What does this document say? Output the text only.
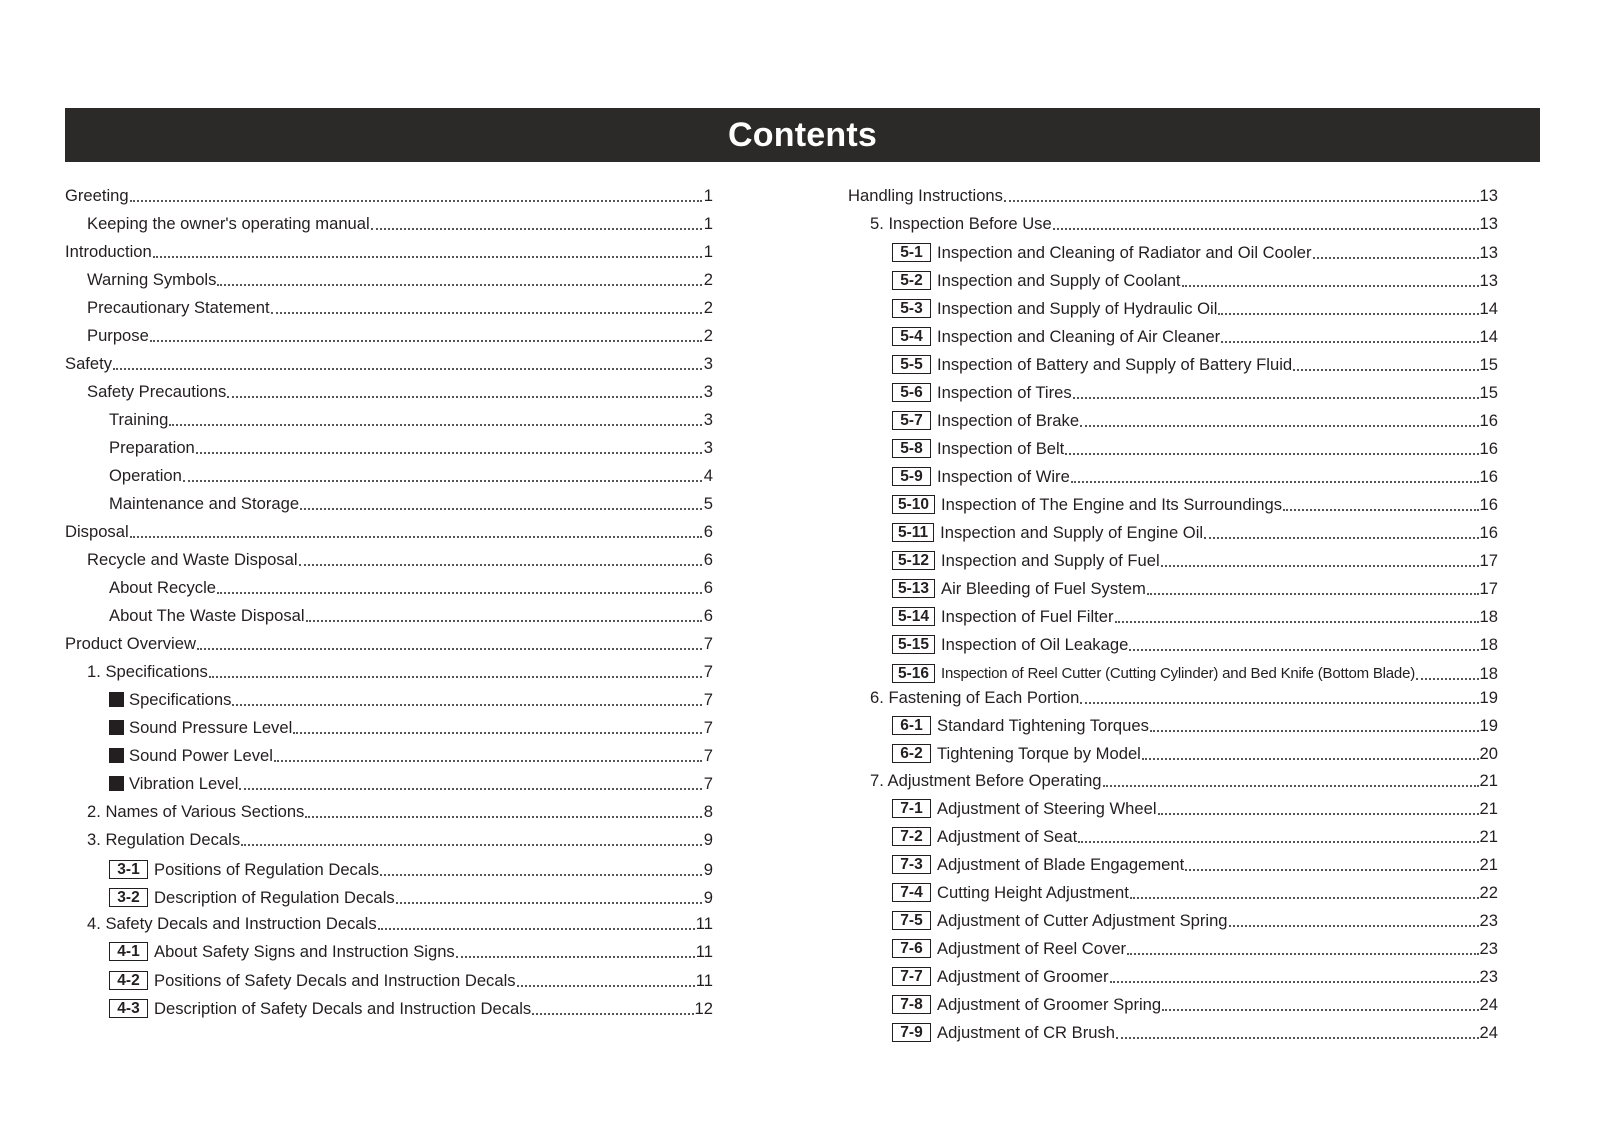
Contents
Greeting	1
Keeping the owner's operating manual	1
Introduction	1
Warning Symbols	2
Precautionary Statement	2
Purpose	2
Safety	3
Safety Precautions	3
Training	3
Preparation	3
Operation	4
Maintenance and Storage	5
Disposal	6
Recycle and Waste Disposal	6
About Recycle	6
About The Waste Disposal	6
Product Overview	7
1. Specifications	7
Specifications	7
Sound Pressure Level	7
Sound Power Level	7
Vibration Level	7
2. Names of Various Sections	8
3. Regulation Decals	9
3-1 Positions of Regulation Decals	9
3-2 Description of Regulation Decals	9
4. Safety Decals and Instruction Decals	11
4-1 About Safety Signs and Instruction Signs	11
4-2 Positions of Safety Decals and Instruction Decals	11
4-3 Description of Safety Decals and Instruction Decals	12
Handling Instructions	13
5. Inspection Before Use	13
5-1 Inspection and Cleaning of Radiator and Oil Cooler	13
5-2 Inspection and Supply of Coolant	13
5-3 Inspection and Supply of Hydraulic Oil	14
5-4 Inspection and Cleaning of Air Cleaner	14
5-5 Inspection of Battery and Supply of Battery Fluid	15
5-6 Inspection of Tires	15
5-7 Inspection of Brake	16
5-8 Inspection of Belt	16
5-9 Inspection of Wire	16
5-10 Inspection of The Engine and Its Surroundings	16
5-11 Inspection and Supply of Engine Oil	16
5-12 Inspection and Supply of Fuel	17
5-13 Air Bleeding of Fuel System	17
5-14 Inspection of Fuel Filter	18
5-15 Inspection of Oil Leakage	18
5-16 Inspection of Reel Cutter (Cutting Cylinder) and Bed Knife (Bottom Blade)	18
6. Fastening of Each Portion	19
6-1 Standard Tightening Torques	19
6-2 Tightening Torque by Model	20
7. Adjustment Before Operating	21
7-1 Adjustment of Steering Wheel	21
7-2 Adjustment of Seat	21
7-3 Adjustment of Blade Engagement	21
7-4 Cutting Height Adjustment	22
7-5 Adjustment of Cutter Adjustment Spring	23
7-6 Adjustment of Reel Cover	23
7-7 Adjustment of Groomer	23
7-8 Adjustment of Groomer Spring	24
7-9 Adjustment of CR Brush	24
